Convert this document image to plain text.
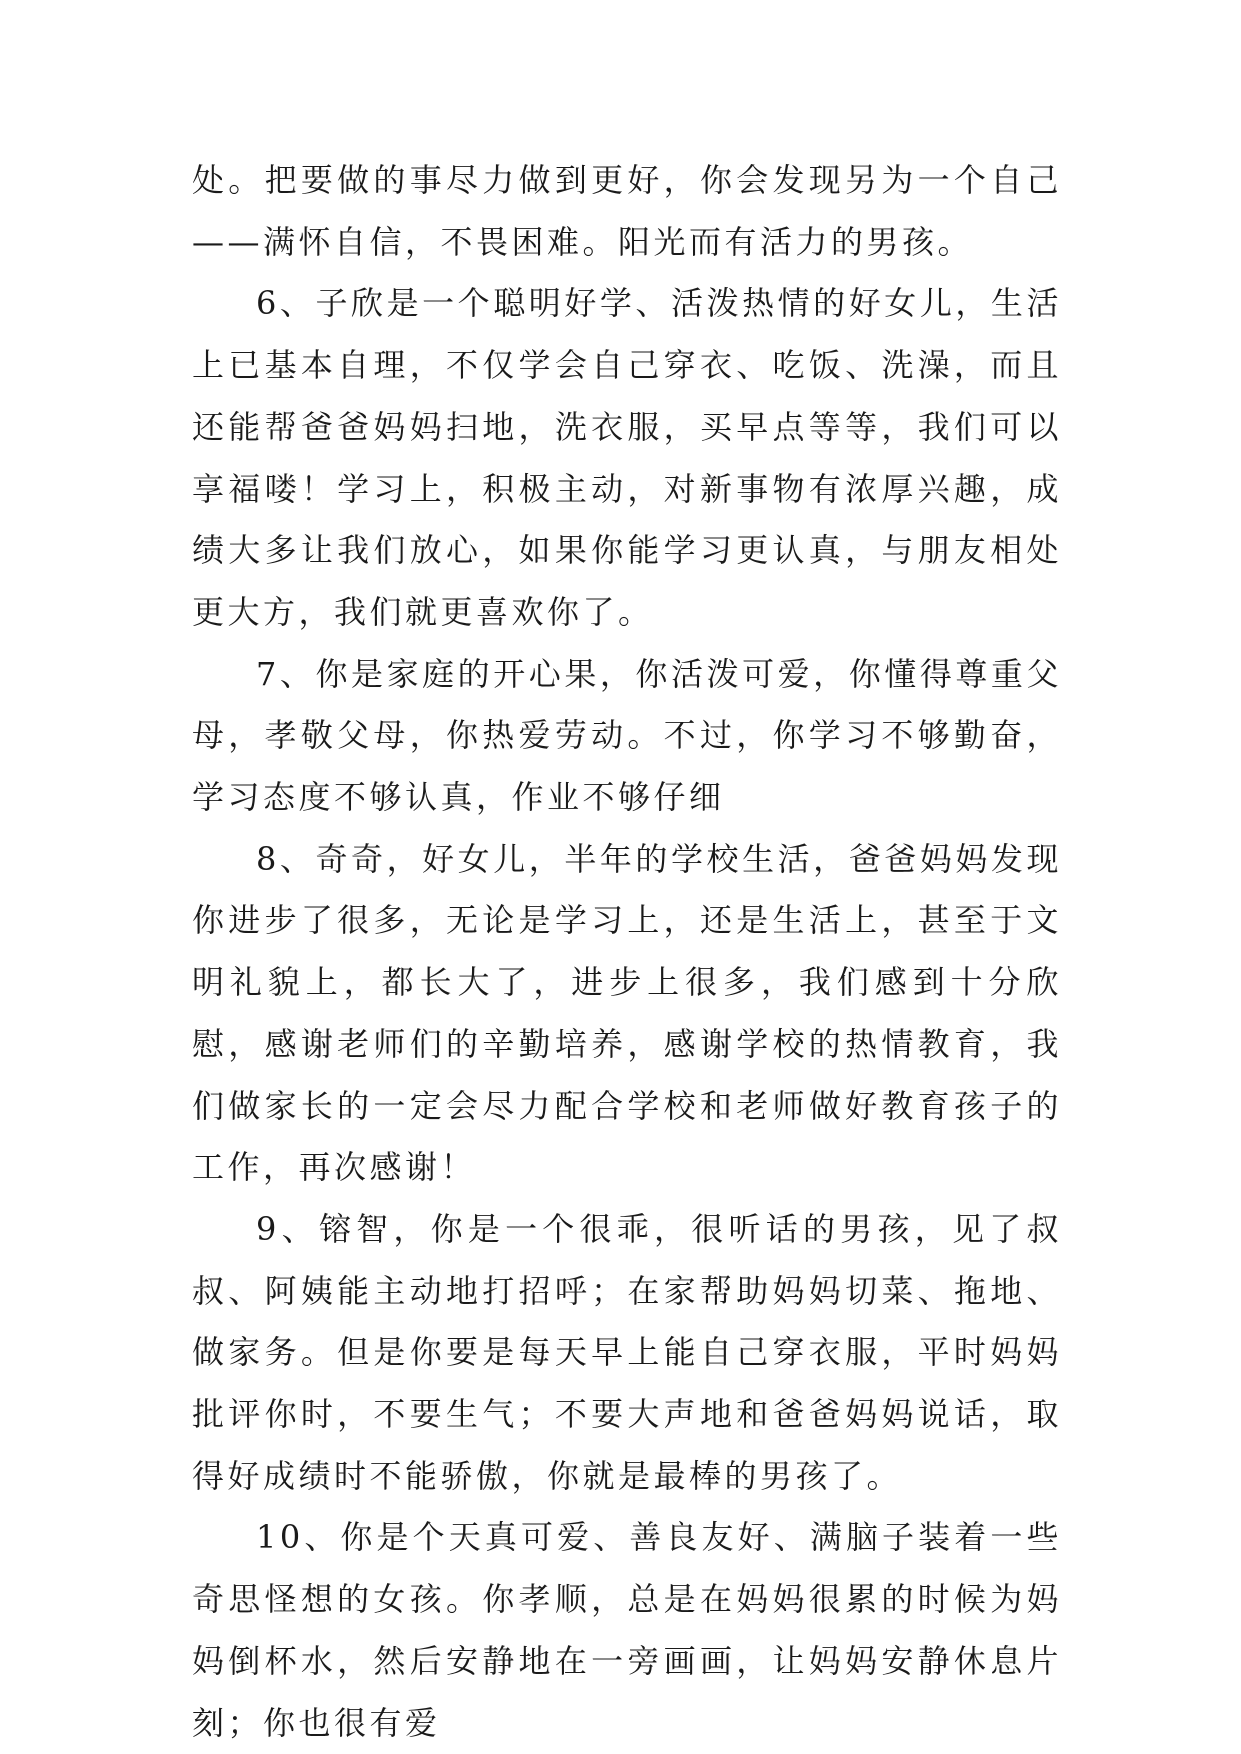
处。把要做的事尽力做到更好，你会发现另为一个自己——满怀自信，不畏困难。阳光而有活力的男孩。

6、子欣是一个聪明好学、活泼热情的好女儿，生活上已基本自理，不仅学会自己穿衣、吃饭、洗澡，而且还能帮爸爸妈妈扫地，洗衣服，买早点等等，我们可以享福喽！学习上，积极主动，对新事物有浓厚兴趣，成绩大多让我们放心，如果你能学习更认真，与朋友相处更大方，我们就更喜欢你了。

7、你是家庭的开心果，你活泼可爱，你懂得尊重父母，孝敬父母，你热爱劳动。不过，你学习不够勤奋，学习态度不够认真，作业不够仔细

8、奇奇，好女儿，半年的学校生活，爸爸妈妈发现你进步了很多，无论是学习上，还是生活上，甚至于文明礼貌上，都长大了，进步上很多，我们感到十分欣慰，感谢老师们的辛勤培养，感谢学校的热情教育，我们做家长的一定会尽力配合学校和老师做好教育孩子的工作，再次感谢！

9、镕智，你是一个很乖，很听话的男孩，见了叔叔、阿姨能主动地打招呼；在家帮助妈妈切菜、拖地、做家务。但是你要是每天早上能自己穿衣服，平时妈妈批评你时，不要生气；不要大声地和爸爸妈妈说话，取得好成绩时不能骄傲，你就是最棒的男孩了。

10、你是个天真可爱、善良友好、满脑子装着一些奇思怪想的女孩。你孝顺，总是在妈妈很累的时候为妈妈倒杯水，然后安静地在一旁画画，让妈妈安静休息片刻；你也很有爱
